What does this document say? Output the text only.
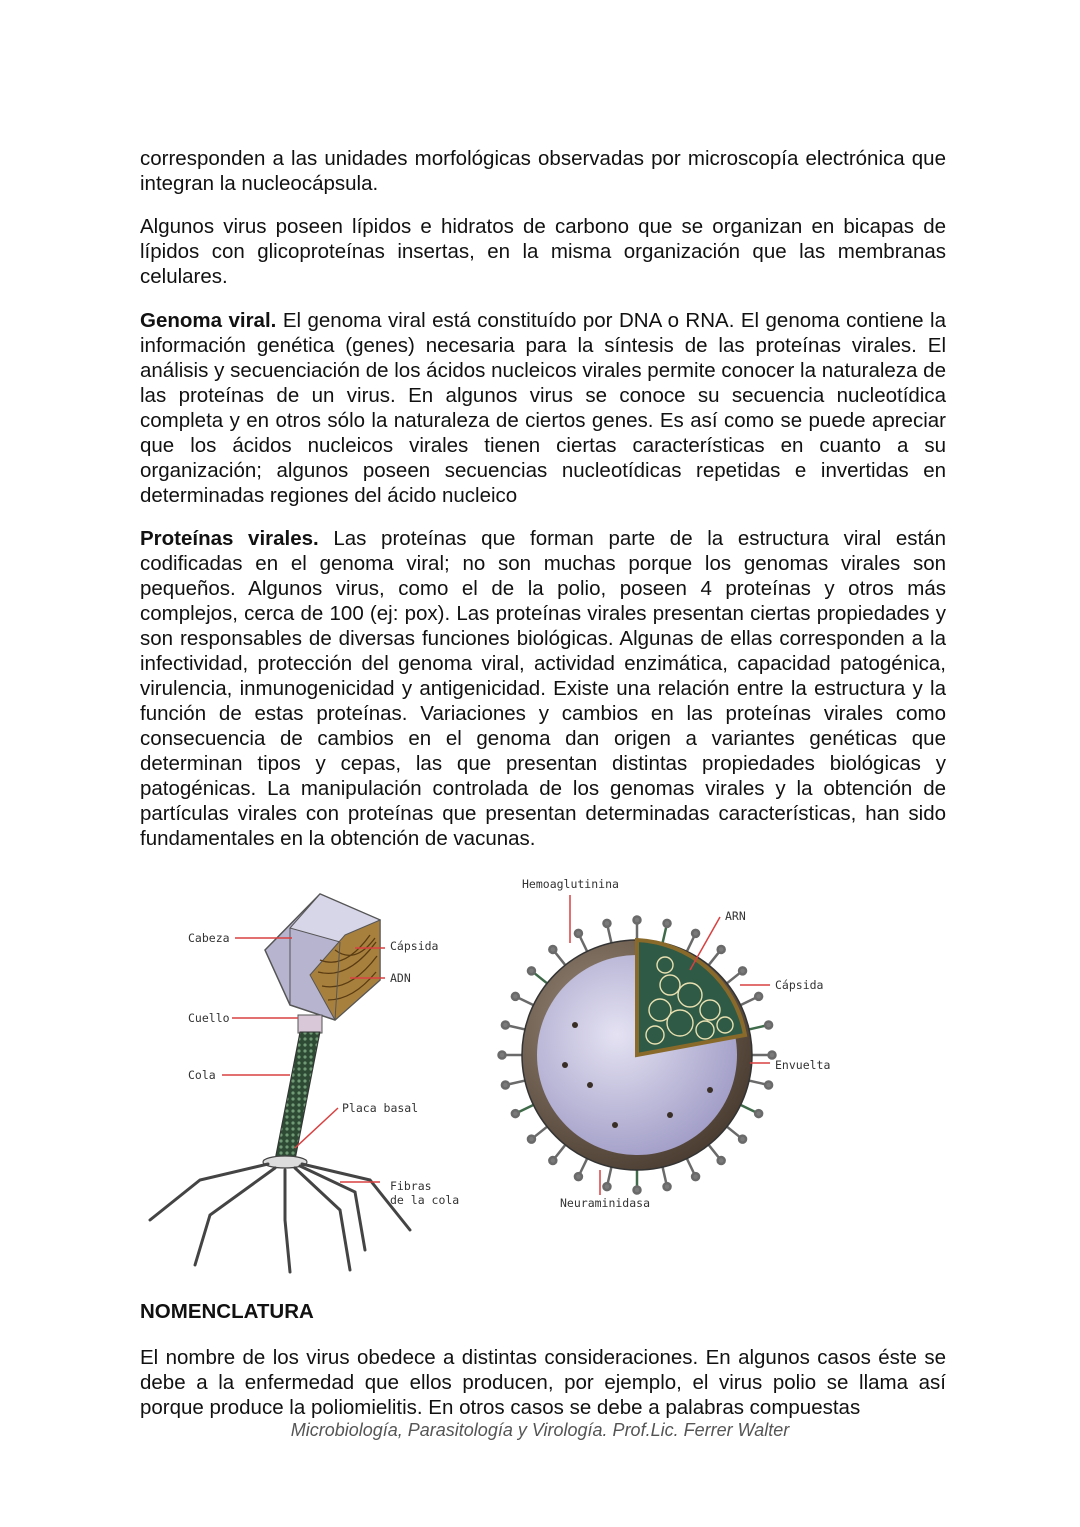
corresponden a las unidades morfológicas observadas por microscopía electrónica que integran la nucleocápsula.

Algunos virus poseen lípidos e hidratos de carbono que se organizan en bicapas de lípidos con glicoproteínas insertas, en la misma organización que las membranas celulares.

Genoma viral. El genoma viral está constituído por DNA o RNA. El genoma contiene la información genética (genes) necesaria para la síntesis de las proteínas virales. El análisis y secuenciación de los ácidos nucleicos virales permite conocer la naturaleza de las proteínas de un virus. En algunos virus se conoce su secuencia nucleotídica completa y en otros sólo la naturaleza de ciertos genes. Es así como se puede apreciar que los ácidos nucleicos virales tienen ciertas características en cuanto a su organización; algunos poseen secuencias nucleotídicas repetidas e invertidas en determinadas regiones del ácido nucleico

Proteínas virales. Las proteínas que forman parte de la estructura viral están codificadas en el genoma viral; no son muchas porque los genomas virales son pequeños. Algunos virus, como el de la polio, poseen 4 proteínas y otros más complejos, cerca de 100 (ej: pox). Las proteínas virales presentan ciertas propiedades y son responsables de diversas funciones biológicas. Algunas de ellas corresponden a la infectividad, protección del genoma viral, actividad enzimática, capacidad patogénica, virulencia, inmunogenicidad y antigenicidad. Existe una relación entre la estructura y la función de estas proteínas. Variaciones y cambios en las proteínas virales como consecuencia de cambios en el genoma dan origen a variantes genéticas que determinan tipos y cepas, las que presentan distintas propiedades biológicas y patogénicas. La manipulación controlada de los genomas virales y la obtención de partículas virales con proteínas que presentan determinadas características, han sido fundamentales en la obtención de vacunas.

Cabeza
Cápsida
ADN
Cuello
Cola
Placa basal
Fibras
de la cola
Hemoaglutinina
ARN
Cápsida
Envuelta
Neuraminidasa
NOMENCLATURA

El nombre de los virus obedece a distintas consideraciones. En algunos casos éste se debe a la enfermedad que ellos producen, por ejemplo, el virus polio se llama así porque produce la poliomielitis. En otros casos se debe a palabras compuestas

Microbiología, Parasitología y Virología. Prof.Lic. Ferrer Walter
